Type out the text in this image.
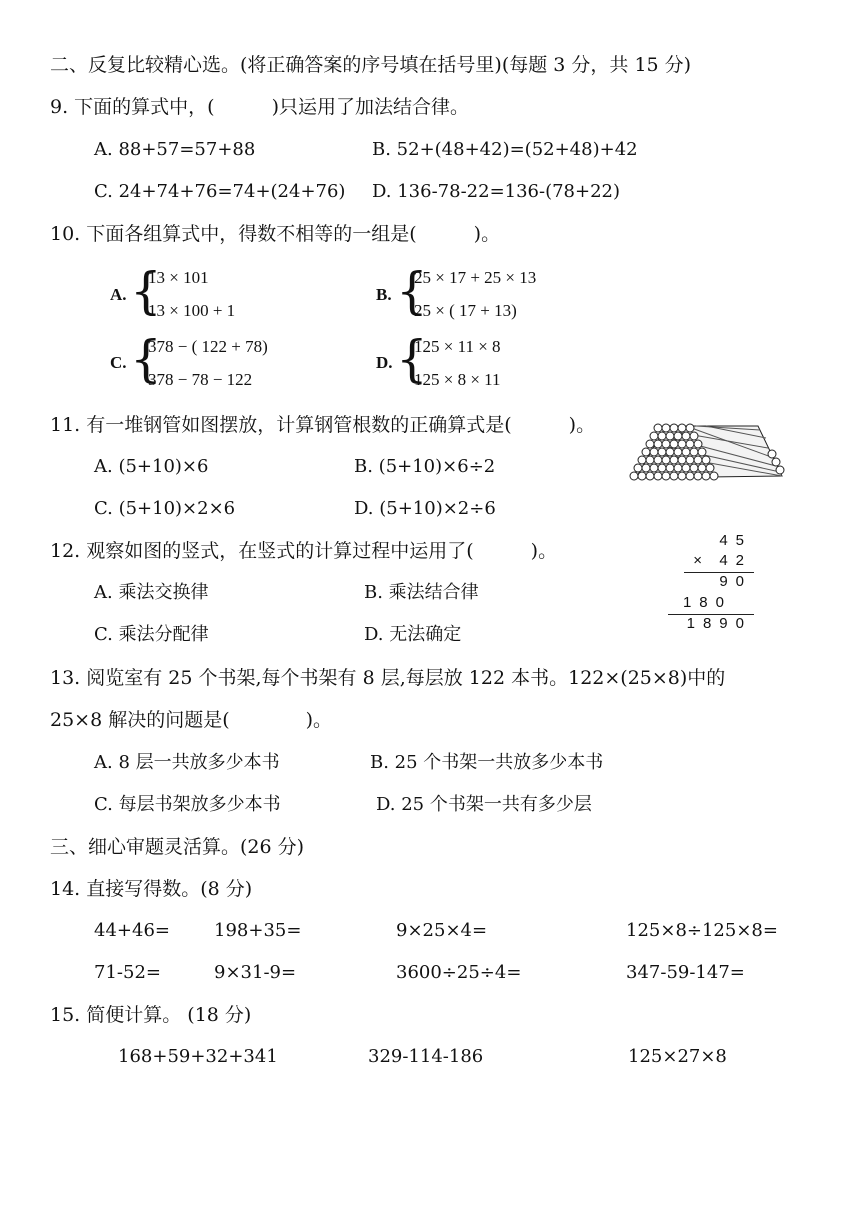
二、反复比较精心选。(将正确答案的序号填在括号里)(每题 3 分，共 15 分)
9. 下面的算式中，(　　　)只运用了加法结合律。
A. 88+57=57+88	B. 52+(48+42)=(52+48)+42
C. 24+74+76=74+(24+76) D. 136-78-22=136-(78+22)
10. 下面各组算式中，得数不相等的一组是(　　　)。
A. {
13 × 101
13 × 100 + 1
B. {
25 × 17 + 25 × 13
25 × ( 17 + 13)
C. {
378 − ( 122 + 78)
378 − 78 − 122
D. {
125 × 11 × 8
125 × 8 × 11
11. 有一堆钢管如图摆放，计算钢管根数的正确算式是(　　　)。
A. (5+10)×6	B. (5+10)×6÷2
C. (5+10)×2×6	D. (5+10)×2÷6
12. 观察如图的竖式，在竖式的计算过程中运用了(　　　)。
A. 乘法交换律	B. 乘法结合律
C. 乘法分配律	D. 无法确定
45
×	42
90
180
1890
13. 阅览室有 25 个书架,每个书架有 8 层,每层放 122 本书。122×(25×8)中的
25×8 解决的问题是(　　　　)。
A. 8 层一共放多少本书	B. 25 个书架一共放多少本书
C. 每层书架放多少本书	D. 25 个书架一共有多少层
三、细心审题灵活算。(26 分)
14. 直接写得数。(8 分)
44+46= 198+35=	9×25×4=	125×8÷125×8=
71-52=	9×31-9=	3600÷25÷4=	347-59-147=
15. 简便计算。 (18 分)
168+59+32+341	329-114-186	125×27×8
